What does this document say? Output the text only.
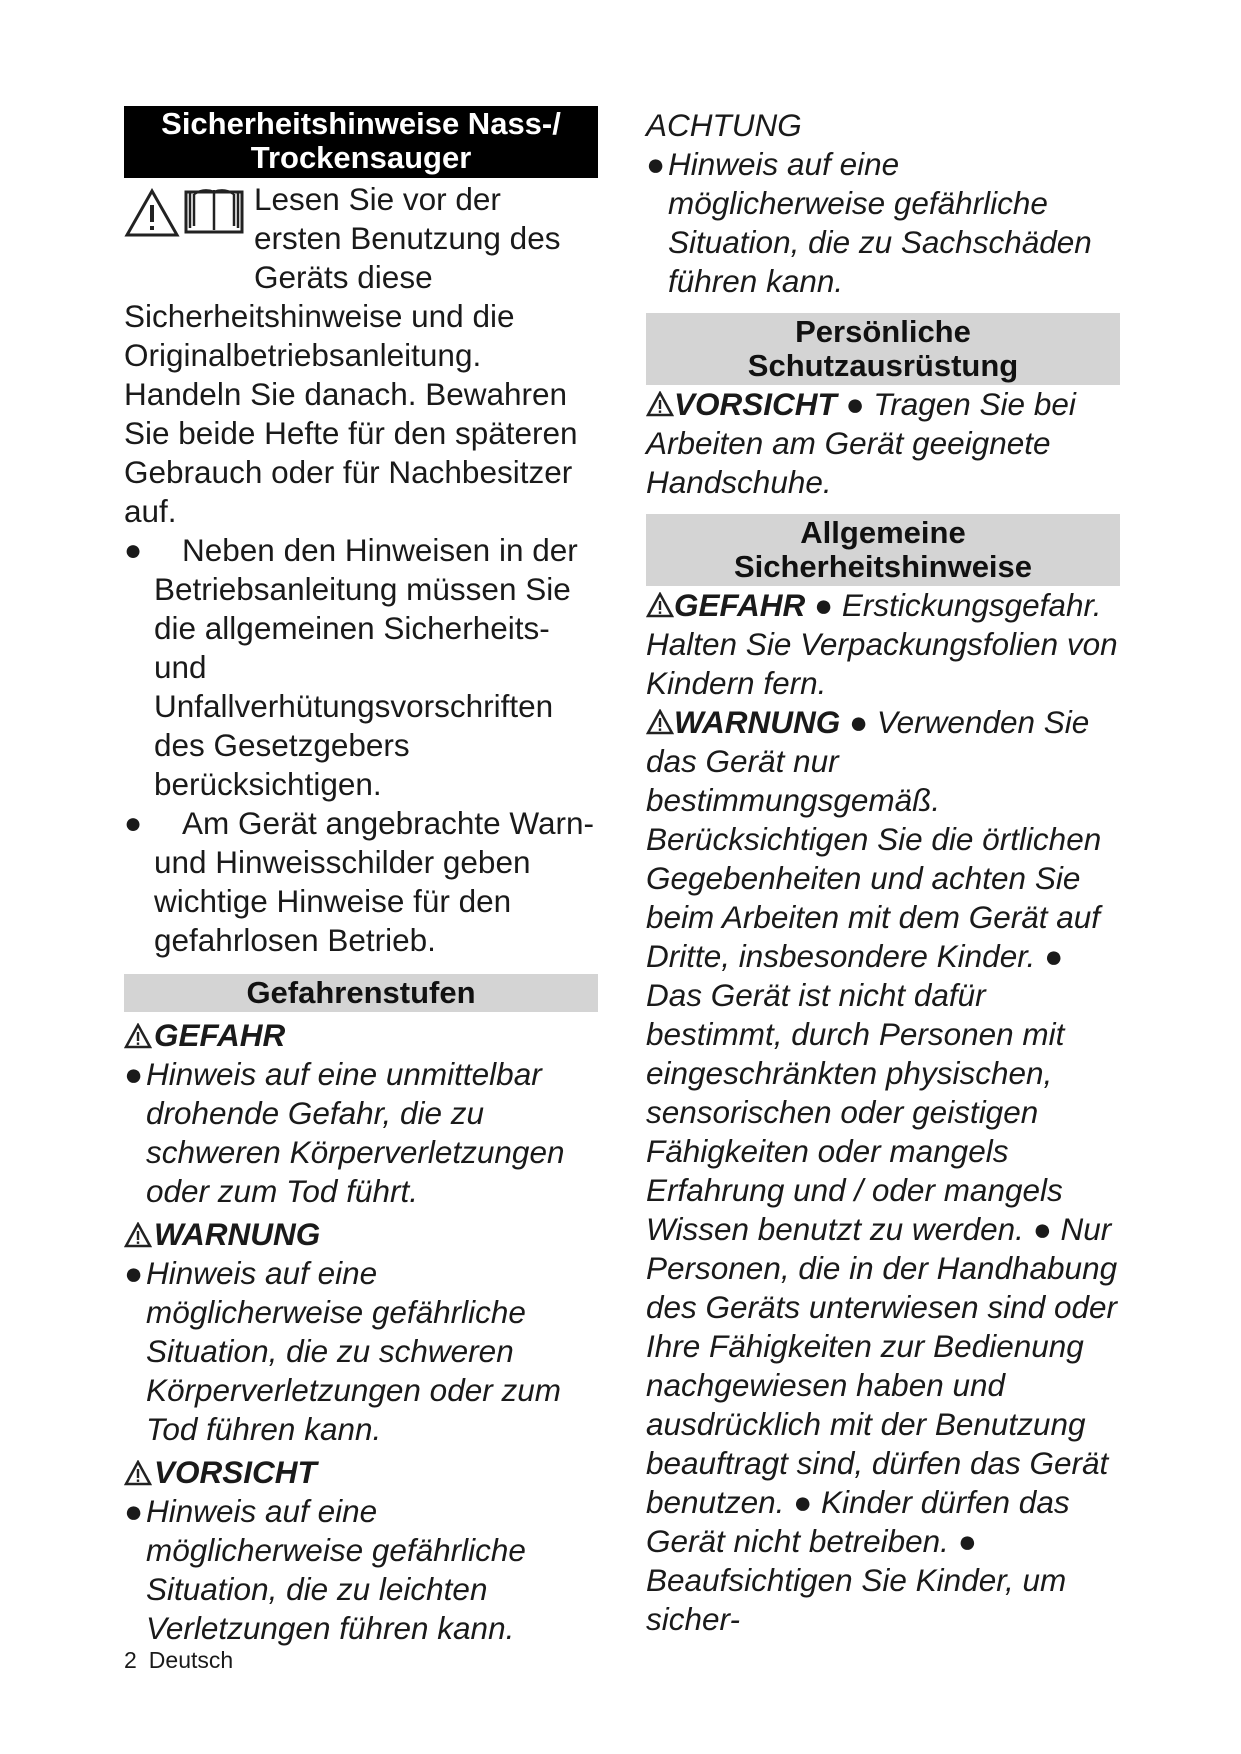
Sicherheitshinweise Nass-/
Trockensauger

Lesen Sie vor der ersten Benutzung des Geräts diese Sicherheitshinweise und die Originalbetriebsanleitung. Handeln Sie danach. Bewahren Sie beide Hefte für den späteren Gebrauch oder für Nachbesitzer auf.

●	Neben den Hinweisen in der Betriebsanleitung müssen Sie die allgemeinen Sicherheits- und Unfallverhütungsvorschriften des Gesetzgebers berücksichtigen.
●	Am Gerät angebrachte Warn- und Hinweisschilder geben wichtige Hinweise für den gefahrlosen Betrieb.
Gefahrenstufen
GEFAHR
● Hinweis auf eine unmittelbar drohende Gefahr, die zu schweren Körperverletzungen oder zum Tod führt.
WARNUNG
● Hinweis auf eine möglicherweise gefährliche Situation, die zu schweren Körperverletzungen oder zum Tod führen kann.
VORSICHT
● Hinweis auf eine möglicherweise gefährliche Situation, die zu leichten Verletzungen führen kann.
ACHTUNG
● Hinweis auf eine möglicherweise gefährliche Situation, die zu Sachschäden führen kann.
Persönliche
Schutzausrüstung

VORSICHT ● Tragen Sie bei Arbeiten am Gerät geeignete Handschuhe.

Allgemeine
Sicherheitshinweise

GEFAHR ● Erstickungsgefahr. Halten Sie Verpackungsfolien von Kindern fern.

WARNUNG ● Verwenden Sie das Gerät nur bestimmungsgemäß. Berücksichtigen Sie die örtlichen Gegebenheiten und achten Sie beim Arbeiten mit dem Gerät auf Dritte, insbesondere Kinder. ● Das Gerät ist nicht dafür bestimmt, durch Personen mit eingeschränkten physischen, sensorischen oder geistigen Fähigkeiten oder mangels Erfahrung und / oder mangels Wissen benutzt zu werden. ● Nur Personen, die in der Handhabung des Geräts unterwiesen sind oder Ihre Fähigkeiten zur Bedienung nachgewiesen haben und ausdrücklich mit der Benutzung beauftragt sind, dürfen das Gerät benutzen. ● Kinder dürfen das Gerät nicht betreiben. ● Beaufsichtigen Sie Kinder, um sicher-

2 Deutsch
